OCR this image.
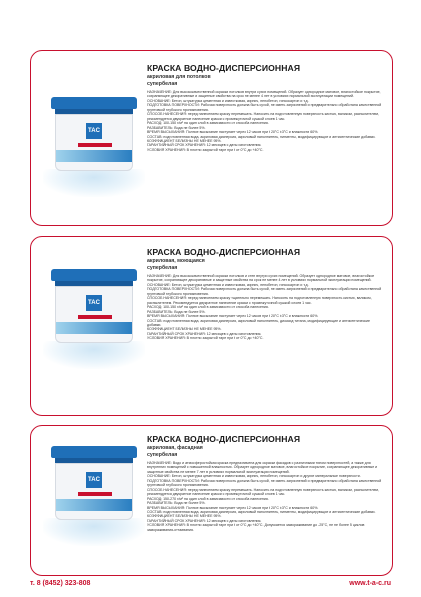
TAC

КРАСКА ВОДНО-ДИСПЕРСИОННАЯ

акриловая для потолков

супербелая

НАЗНАЧЕНИЕ: Для высококачественной окраски потолков внутри сухих помещений. Образует однородное матовое, влагостойкое покрытие, сохраняющее декоративные и защитные свойства на срок не менее 4 лет в условиях нормальной эксплуатации помещений.

ОСНОВАНИЕ: Бетон, штукатурка цементная и известковая, кирпич, пенобетон, гипсокартон и т.д.

ПОДГОТОВКА ПОВЕРХНОСТИ: Рабочая поверхность должна быть сухой, не иметь загрязнений и предварительно обработана качественной грунтовкой глубокого проникновения.

СПОСОБ НАНЕСЕНИЯ: перед нанесением краску перемешать. Наносить на подготовленную поверхность кистью, валиком, распылителем, рекомендуется двукратное нанесение краски с промежуточной сушкой слоев 1 час.

РАСХОД: 100-150 г/м² на один слой в зависимости от способа нанесения.

РАЗБАВИТЕЛЬ: Вода не более 5%.

ВРЕМЯ ВЫСЫХАНИЯ: Полное высыхание наступает через 12 часов при t 20°С ±3°С и влажности 60%.

СОСТАВ: подготовленная вода, акриловая дисперсия, акриловый наполнитель, пигменты, модифицирующие и антисептические добавки.

КОЭФФИЦИЕНТ БЕЛИЗНЫ НЕ МЕНЕЕ 95%.

ГАРАНТИЙНЫЙ СРОК ХРАНЕНИЯ: 12 месяцев с даты изготовления.

УСЛОВИЯ ХРАНЕНИЯ: В плотно закрытой таре при t от 0°С до +40°С.

TAC

КРАСКА ВОДНО-ДИСПЕРСИОННАЯ

акриловая, моющаяся

супербелая

НАЗНАЧЕНИЕ: Для высококачественной окраски потолков и стен внутри сухих помещений. Образует однородное матовое, влагостойкое покрытие, сохраняющее декоративные и защитные свойства на срок не менее 4 лет в условиях нормальной эксплуатации помещений.

ОСНОВАНИЕ: Бетон, штукатурка цементная и известковая, кирпич, пенобетон, гипсокартон и т.д.

ПОДГОТОВКА ПОВЕРХНОСТИ: Рабочая поверхность должна быть сухой, не иметь загрязнений и предварительно обработана качественной грунтовкой глубокого проникновения.

СПОСОБ НАНЕСЕНИЯ: перед нанесением краску тщательно перемешать. Наносить на подготовленную поверхность кистью, валиком, распылителем. Рекомендуется двукратное нанесение краски с промежуточной сушкой слоев 1 час.

РАСХОД: 100-150 г/м² на один слой в зависимости от способа нанесения.

РАЗБАВИТЕЛЬ: Вода не более 5%.

ВРЕМЯ ВЫСЫХАНИЯ: Полное высыхание наступает через 12 часов при t 20°С ±3°С и влажности 60%.

СОСТАВ: подготовленная вода, акриловая дисперсия, акриловый наполнитель, диоксид титана, модифицирующие и антисептические добавки.

КОЭФФИЦИЕНТ БЕЛИЗНЫ НЕ МЕНЕЕ 95%.

ГАРАНТИЙНЫЙ СРОК ХРАНЕНИЯ: 12 месяцев с даты изготовления.

УСЛОВИЯ ХРАНЕНИЯ: В плотно закрытой таре при t от 0°С до +40°С.

TAC

КРАСКА ВОДНО-ДИСПЕРСИОННАЯ

акриловая, фасадная

супербелая

НАЗНАЧЕНИЕ: Водо и атмосферостойкая краска предназначена для окраски фасадов с различными типом поверхностей, а также для внутренних помещений с повышенной влажностью. Образует однородное матовое, влагостойкое покрытие, сохраняющее декоративные и защитные свойства не менее 7 лет в условиях нормальной эксплуатации помещений.

ОСНОВАНИЕ: Бетон, штукатурка цементная и известковая, кирпич, пенобетон, гипсокартон и другие минеральные поверхности.

ПОДГОТОВКА ПОВЕРХНОСТИ: Рабочая поверхность должна быть сухой, не иметь загрязнений и предварительно обработана качественной грунтовкой глубокого проникновения.

СПОСОБ НАНЕСЕНИЯ: перед нанесением краску перемешать. Наносить на подготовленную поверхность кистью, валиком, распылителем, рекомендуется двукратное нанесение краски с промежуточной сушкой слоев 1 час.

РАСХОД: 150-270 г/м² на один слой в зависимости от способа нанесения.

РАЗБАВИТЕЛЬ: Вода не более 5%.

ВРЕМЯ ВЫСЫХАНИЯ: Полное высыхание наступает через 12 часов при t 20°С ±3°С и влажности 60%.

СОСТАВ: подготовленная вода, акриловая дисперсия, акриловый наполнитель, пигменты, модифицирующие и антисептические добавки.

КОЭФФИЦИЕНТ БЕЛИЗНЫ НЕ МЕНЕЕ 95%.

ГАРАНТИЙНЫЙ СРОК ХРАНЕНИЯ: 12 месяцев с даты изготовления.

УСЛОВИЯ ХРАНЕНИЯ: В плотно закрытой таре при t от 0°С до +40°С. Допускается замораживание до -25°С, не не более 5 циклов замораживания-оттаивания.

т. 8 (8452) 323-808	www.t-a-c.ru
